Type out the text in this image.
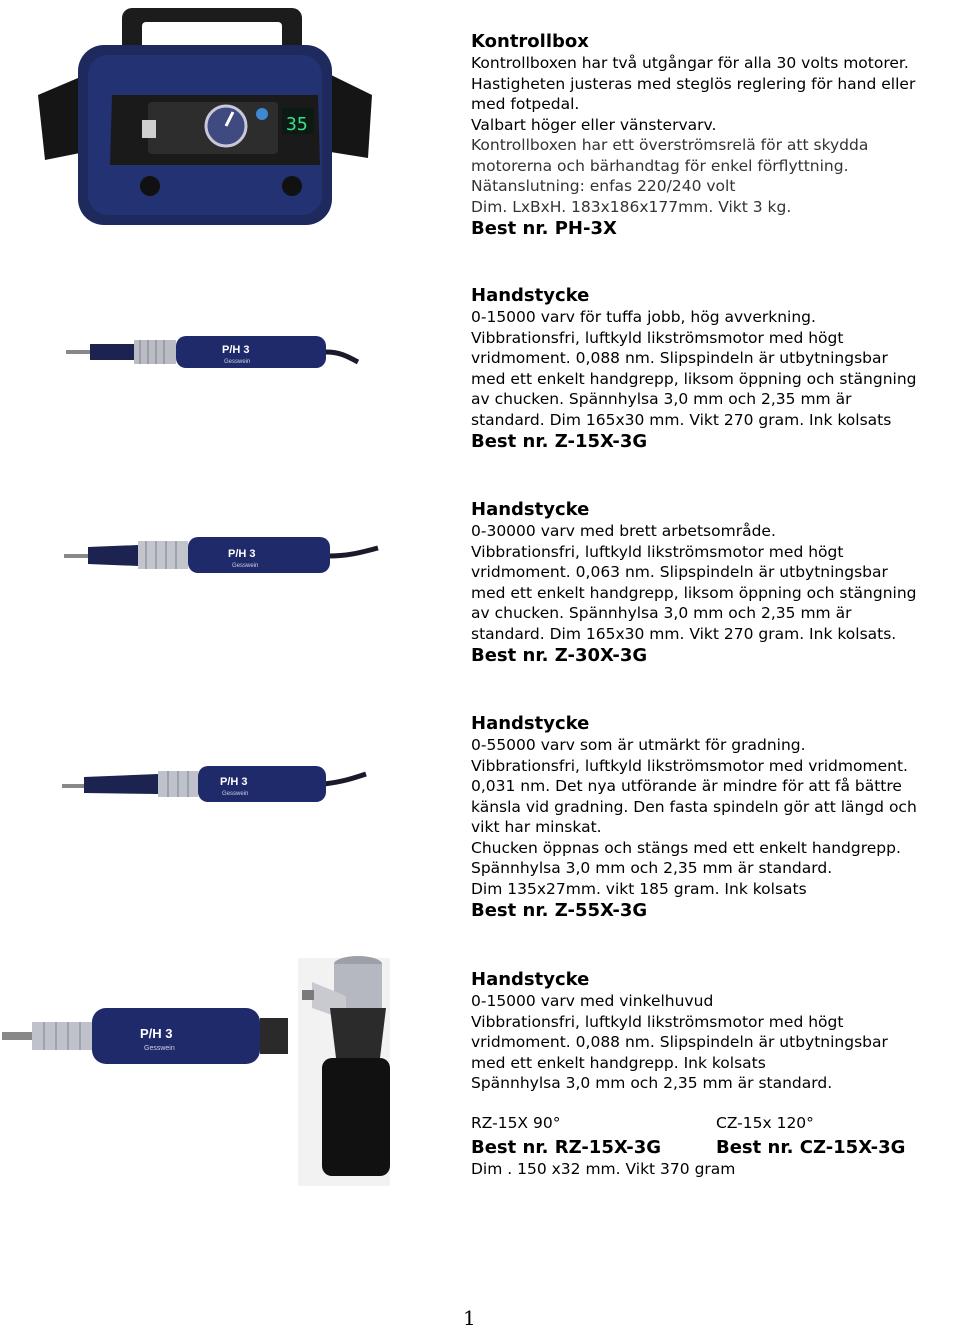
35
P/H 3
Gesswein
P/H 3
Gesswein
P/H 3
Gesswein
P/H 3
Gesswein
Kontrollbox
Kontrollboxen har två utgångar för alla 30 volts motorer.
Hastigheten justeras med steglös reglering för hand eller
med fotpedal.
Valbart höger eller vänstervarv.
Kontrollboxen har ett överströmsrelä för att skydda
motorerna och bärhandtag för enkel förflyttning.
Nätanslutning: enfas 220/240 volt
Dim. LxBxH. 183x186x177mm. Vikt 3 kg.
Best nr. PH-3X
Handstycke
0-15000 varv för tuffa jobb, hög avverkning.
Vibbrationsfri, luftkyld likströmsmotor med högt
vridmoment. 0,088 nm. Slipspindeln är utbytningsbar
med ett enkelt handgrepp, liksom öppning och stängning
av chucken. Spännhylsa 3,0 mm och 2,35 mm är
standard. Dim 165x30 mm. Vikt 270 gram. Ink kolsats
Best nr. Z-15X-3G
Handstycke
0-30000 varv med brett arbetsområde.
Vibbrationsfri, luftkyld likströmsmotor med högt
vridmoment. 0,063 nm. Slipspindeln är utbytningsbar
med ett enkelt handgrepp, liksom öppning och stängning
av chucken. Spännhylsa 3,0 mm och 2,35 mm är
standard. Dim 165x30 mm. Vikt 270 gram. Ink kolsats.
Best nr. Z-30X-3G
Handstycke
0-55000 varv som är utmärkt för gradning.
Vibbrationsfri, luftkyld likströmsmotor med vridmoment.
0,031 nm. Det nya utförande är mindre för att få bättre
känsla vid gradning. Den fasta spindeln gör att längd och
vikt har minskat.
Chucken öppnas och stängs med ett enkelt handgrepp.
Spännhylsa 3,0 mm och 2,35 mm är standard.
Dim 135x27mm. vikt 185 gram. Ink kolsats
Best nr. Z-55X-3G
Handstycke
0-15000 varv med vinkelhuvud
Vibbrationsfri, luftkyld likströmsmotor med högt
vridmoment. 0,088 nm. Slipspindeln är utbytningsbar
med ett enkelt handgrepp. Ink kolsats
Spännhylsa 3,0 mm och 2,35 mm är standard.
RZ-15X 90°	CZ-15x 120°
Best nr. RZ-15X-3G	Best nr. CZ-15X-3G
Dim . 150 x32 mm. Vikt 370 gram
1
